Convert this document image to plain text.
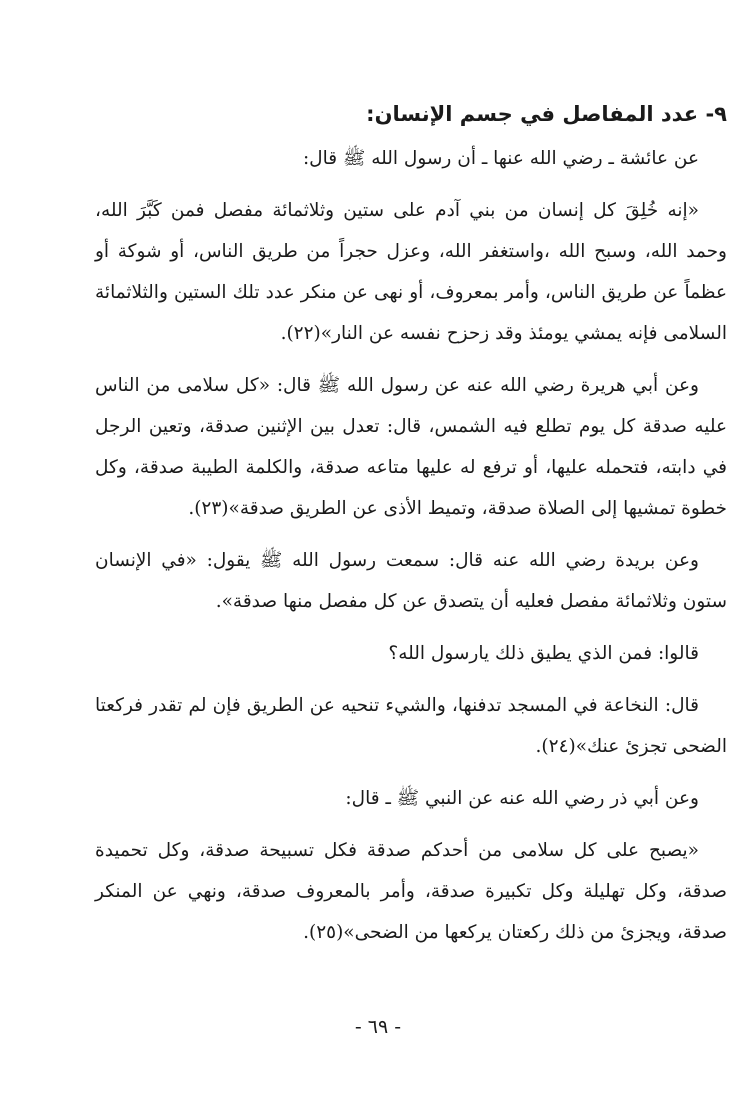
٩- عدد المفاصل في جسم الإنسان:

عن عائشة ـ رضي الله عنها ـ أن رسول الله ﷺ قال:

«إنه خُلِقَ كل إنسان من بني آدم على ستين وثلاثمائة مفصل فمن كَبَّرَ الله، وحمد الله، وسبح الله ،واستغفر الله، وعزل حجراً من طريق الناس، أو شوكة أو عظماً عن طريق الناس، وأمر بمعروف، أو نهى عن منكر عدد تلك الستين والثلاثمائة السلامى فإنه يمشي يومئذ وقد زحزح نفسه عن النار»(٢٢).

وعن أبي هريرة رضي الله عنه عن رسول الله ﷺ قال: «كل سلامى من الناس عليه صدقة كل يوم تطلع فيه الشمس، قال: تعدل بين الإثنين صدقة، وتعين الرجل في دابته، فتحمله عليها، أو ترفع له عليها متاعه صدقة، والكلمة الطيبة صدقة، وكل خطوة تمشيها إلى الصلاة صدقة، وتميط الأذى عن الطريق صدقة»(٢٣).

وعن بريدة رضي الله عنه قال: سمعت رسول الله ﷺ يقول: «في الإنسان ستون وثلاثمائة مفصل فعليه أن يتصدق عن كل مفصل منها صدقة».

قالوا: فمن الذي يطيق ذلك يارسول الله؟

قال: النخاعة في المسجد تدفنها، والشيء تنحيه عن الطريق فإن لم تقدر فركعتا الضحى تجزئ عنك»(٢٤).

وعن أبي ذر رضي الله عنه عن النبي ﷺ ـ قال:

«يصبح على كل سلامى من أحدكم صدقة فكل تسبيحة صدقة، وكل تحميدة صدقة، وكل تهليلة وكل تكبيرة صدقة، وأمر بالمعروف صدقة، ونهي عن المنكر صدقة، ويجزئ من ذلك ركعتان يركعها من الضحى»(٢٥).

- ٦٩ -
